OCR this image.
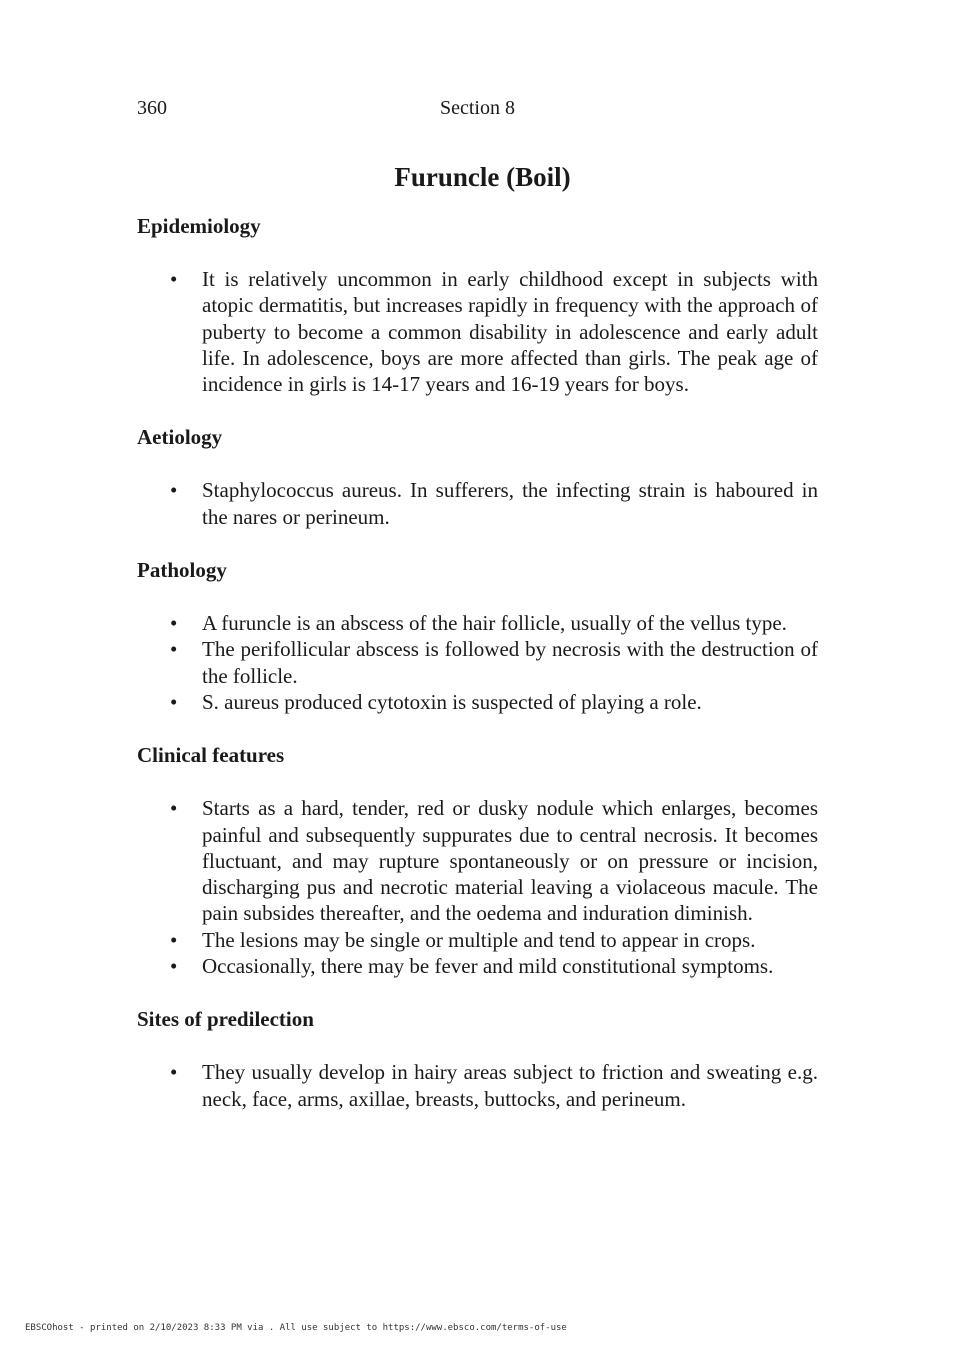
360	Section 8
Furuncle (Boil)
Epidemiology
• It is relatively uncommon in early childhood except in subjects with atopic dermatitis, but increases rapidly in frequency with the approach of puberty to become a common disability in adolescence and early adult life. In adolescence, boys are more affected than girls. The peak age of incidence in girls is 14-17 years and 16-19 years for boys.
Aetiology
• Staphylococcus aureus. In sufferers, the infecting strain is haboured in the nares or perineum.
Pathology
• A furuncle is an abscess of the hair follicle, usually of the vellus type.
• The perifollicular abscess is followed by necrosis with the destruction of the follicle.
• S. aureus produced cytotoxin is suspected of playing a role.
Clinical features
• Starts as a hard, tender, red or dusky nodule which enlarges, becomes painful and subsequently suppurates due to central necrosis. It becomes fluctuant, and may rupture spontaneously or on pressure or incision, discharging pus and necrotic material leaving a violaceous macule. The pain subsides thereafter, and the oedema and induration diminish.
• The lesions may be single or multiple and tend to appear in crops.
• Occasionally, there may be fever and mild constitutional symptoms.
Sites of predilection
• They usually develop in hairy areas subject to friction and sweating e.g. neck, face, arms, axillae, breasts, buttocks, and perineum.
EBSCOhost - printed on 2/10/2023 8:33 PM via . All use subject to https://www.ebsco.com/terms-of-use
